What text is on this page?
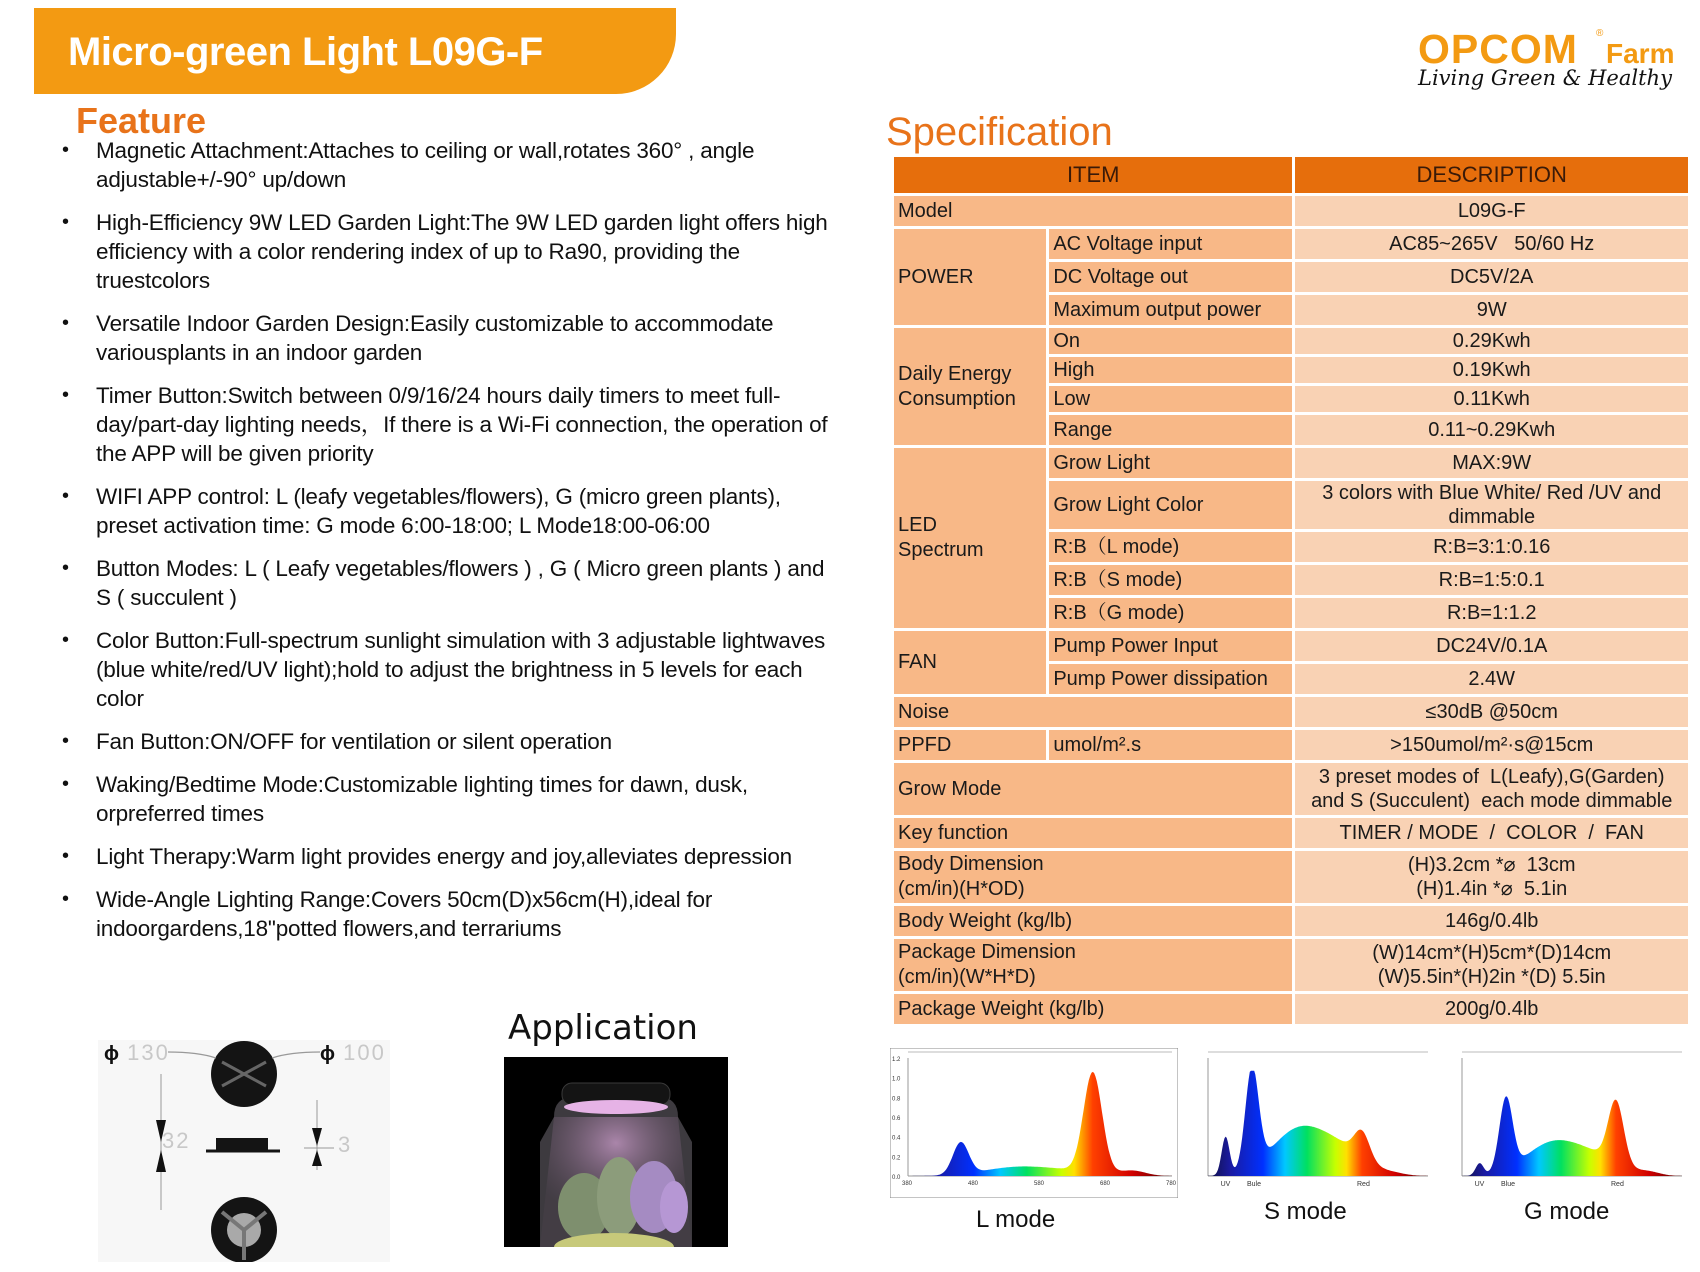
Micro-green Light L09G-F	OPCOM ®
Farm
Living Green & Healthy
Feature
• Magnetic Attachment:Attaches to ceiling or wall,rotates 360° , angle adjustable+/-90° up/down
• High-Efficiency 9W LED Garden Light:The 9W LED garden light offers high efficiency with a color rendering index of up to Ra90, providing the truestcolors
• Versatile Indoor Garden Design:Easily customizable to accommodate variousplants in an indoor garden
• Timer Button:Switch between 0/9/16/24 hours daily timers to meet full-day/part-day lighting needs，If there is a Wi-Fi connection, the operation of the APP will be given priority
• WIFI APP control: L (leafy vegetables/flowers), G (micro green plants), preset activation time: G mode 6:00-18:00; L Mode18:00-06:00
• Button Modes: L ( Leafy vegetables/flowers ) , G ( Micro green plants ) and S ( succulent )
• Color Button:Full-spectrum sunlight simulation with 3 adjustable lightwaves (blue white/red/UV light);hold to adjust the brightness in 5 levels for each color
• Fan Button:ON/OFF for ventilation or silent operation
• Waking/Bedtime Mode:Customizable lighting times for dawn, dusk, orpreferred times
• Light Therapy:Warm light provides energy and joy,alleviates depression
• Wide-Angle Lighting Range:Covers 50cm(D)x56cm(H),ideal for indoorgardens,18"potted flowers,and terrariums
ϕ 130	ϕ 100
32	3
Application
Specification
ITEM		DESCRIPTION
Model		L09G-F
POWER	AC Voltage input	AC85~265V   50/60 Hz
	DC Voltage out	DC5V/2A
	Maximum output power	9W
Daily Energy
Consumption	On	0.29Kwh
	High	0.19Kwh
	Low	0.11Kwh
	Range	0.11~0.29Kwh
LED
Spectrum	Grow Light	MAX:9W
	Grow Light Color	3 colors with Blue White/ Red /UV and
dimmable
	R:B（L mode)	R:B=3:1:0.16
	R:B（S mode)	R:B=1:5:0.1
	R:B（G mode)	R:B=1:1.2
FAN	Pump Power Input	DC24V/0.1A
	Pump Power dissipation	2.4W
Noise		≤30dB @50cm
PPFD	umol/m².s	>150umol/m²·s@15cm
Grow Mode		3 preset modes of  L(Leafy),G(Garden)
and S (Succulent)  each mode dimmable
Key function		TIMER / MODE  /  COLOR  /  FAN
Body Dimension
(cm/in)(H*OD)		(H)3.2cm *⌀  13cm
(H)1.4in *⌀  5.1in
Body Weight (kg/lb)		146g/0.4lb
Package Dimension
(cm/in)(W*H*D)		(W)14cm*(H)5cm*(D)14cm
(W)5.5in*(H)2in *(D) 5.5in
Package Weight (kg/lb)		200g/0.4lb
1.2
1.0
0.8
0.6
0.4
0.2
0.0
380	480	580	680	780	UV Bule	Red	UV Blue	Red
L mode	S mode	G mode
